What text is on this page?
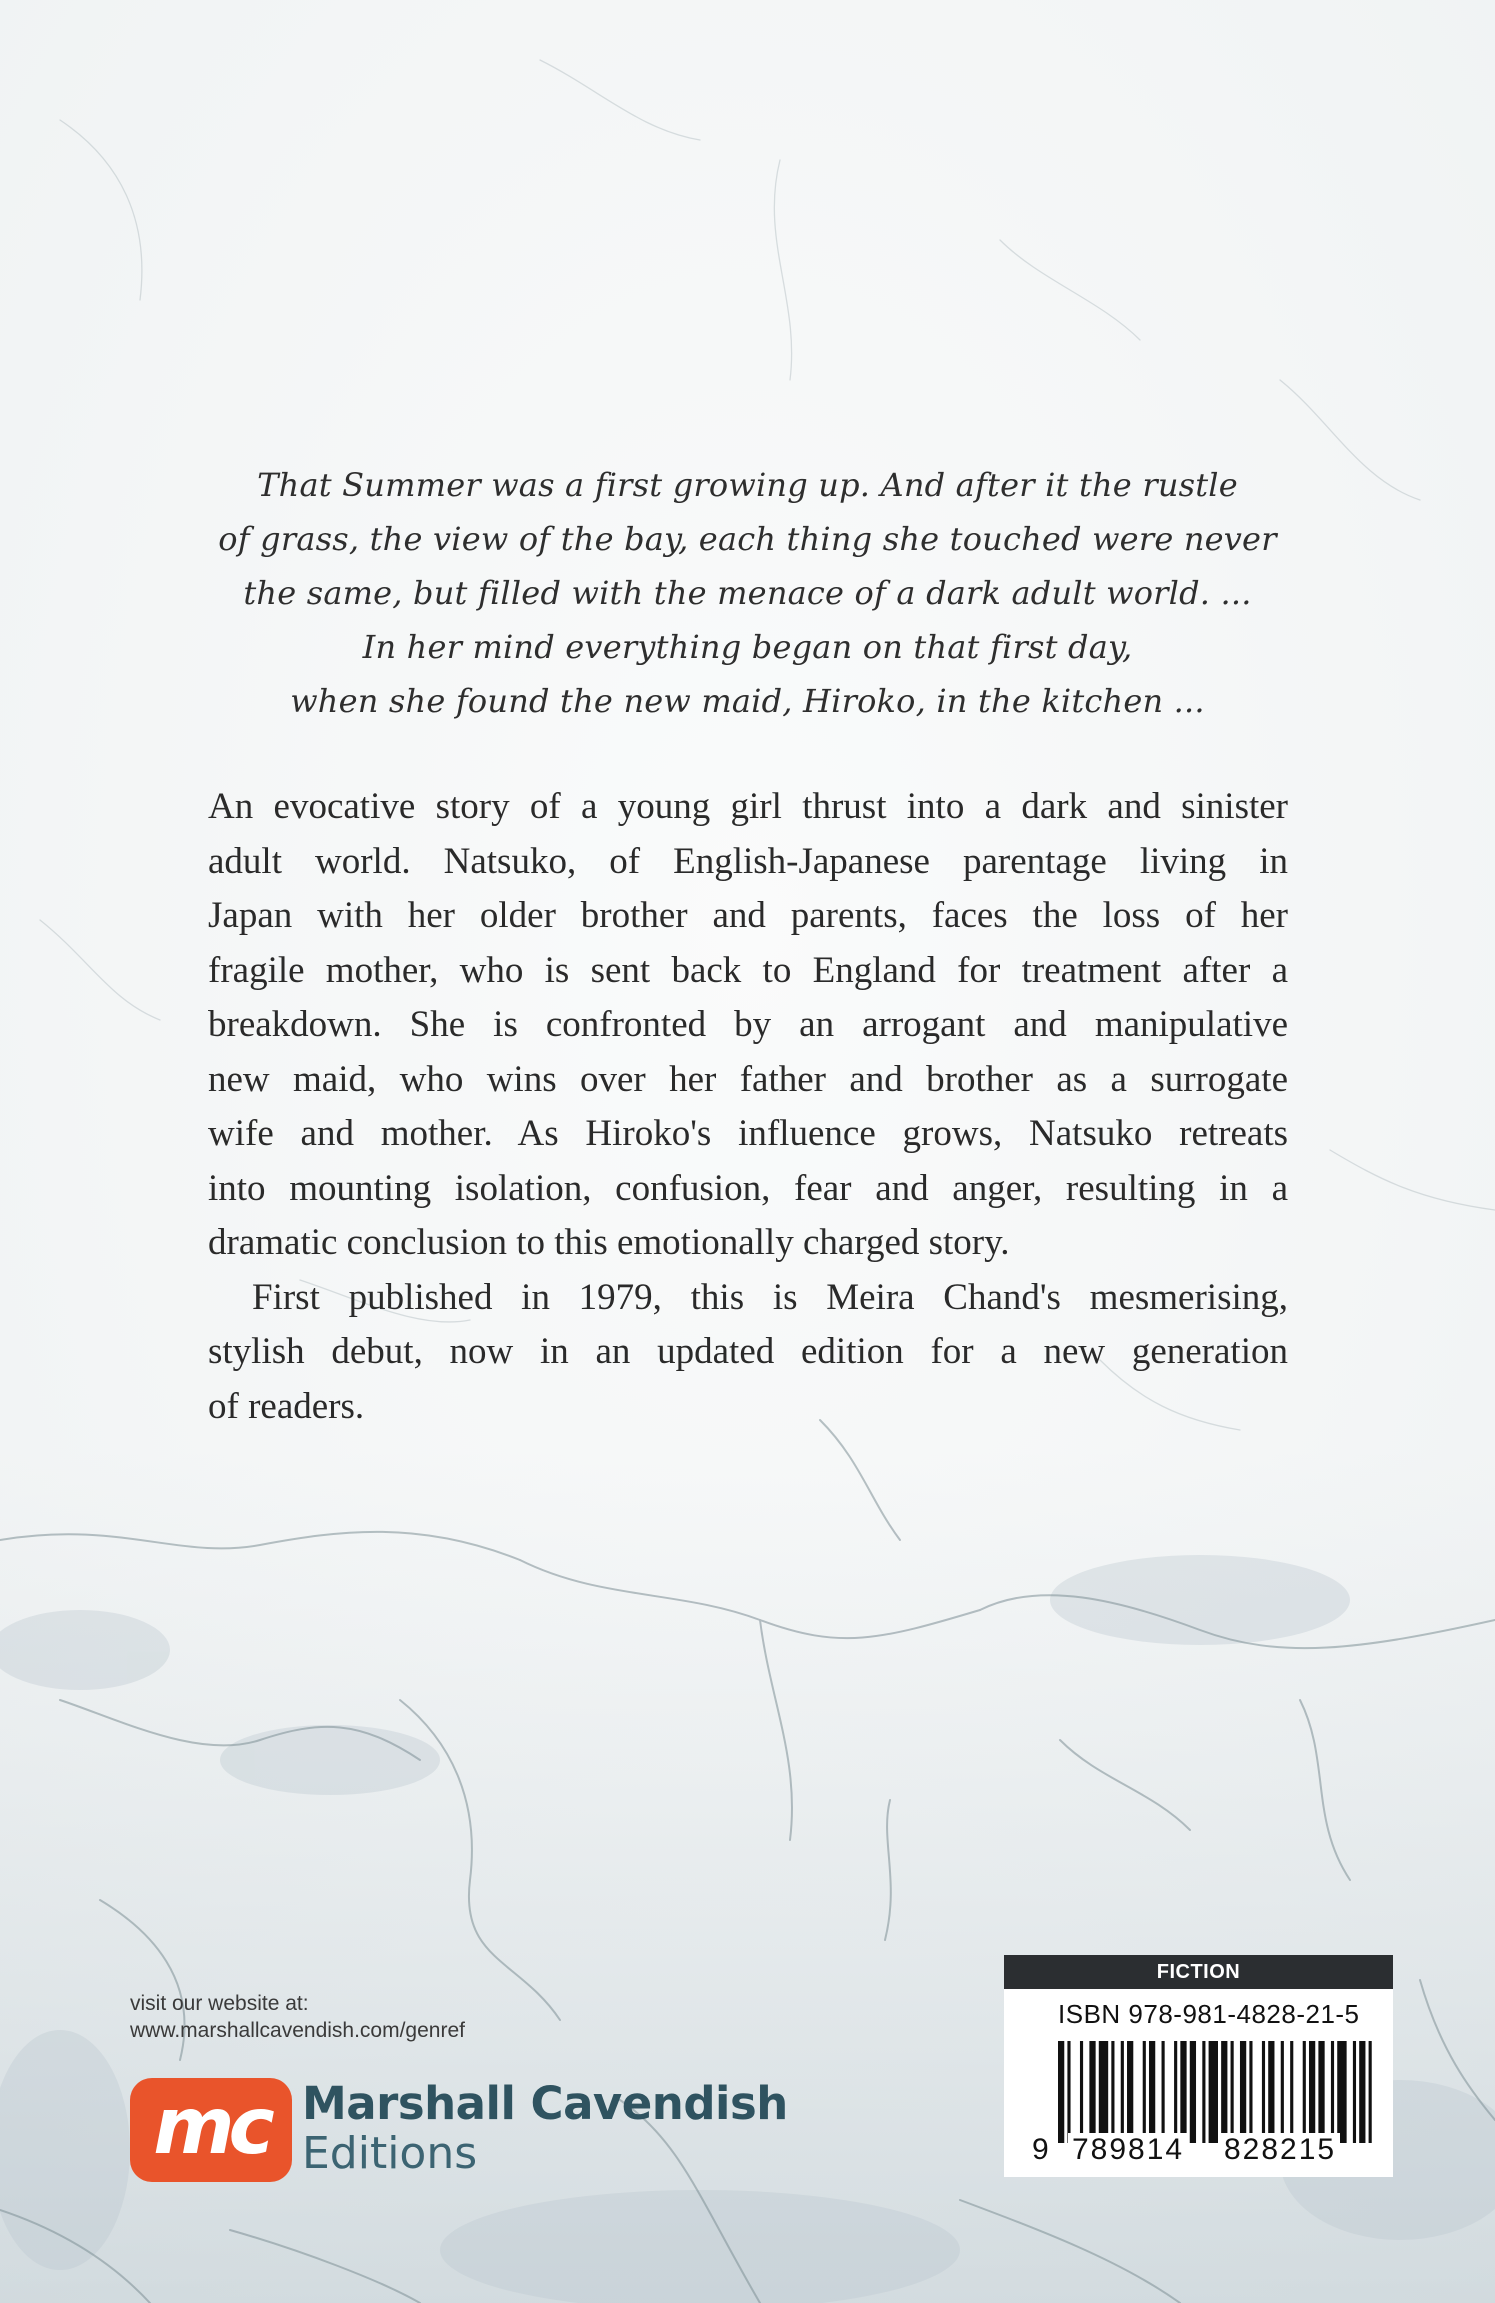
That Summer was a first growing up. And after it the rustle
of grass, the view of the bay, each thing she touched were never
the same, but filled with the menace of a dark adult world. ...
In her mind everything began on that first day,
when she found the new maid, Hiroko, in the kitchen ...
An evocative story of a young girl thrust into a dark and sinister
adult world. Natsuko, of English-Japanese parentage living in
Japan with her older brother and parents, faces the loss of her
fragile mother, who is sent back to England for treatment after a
breakdown. She is confronted by an arrogant and manipulative
new maid, who wins over her father and brother as a surrogate
wife and mother. As Hiroko's influence grows, Natsuko retreats
into mounting isolation, confusion, fear and anger, resulting in a
dramatic conclusion to this emotionally charged story.
First published in 1979, this is Meira Chand's mesmerising,
stylish debut, now in an updated edition for a new generation
of readers.
visit our website at:
www.marshallcavendish.com/genref
mc Marshall Cavendish
Editions
FICTION
ISBN 978-981-4828-21-5
9 789814 828215
